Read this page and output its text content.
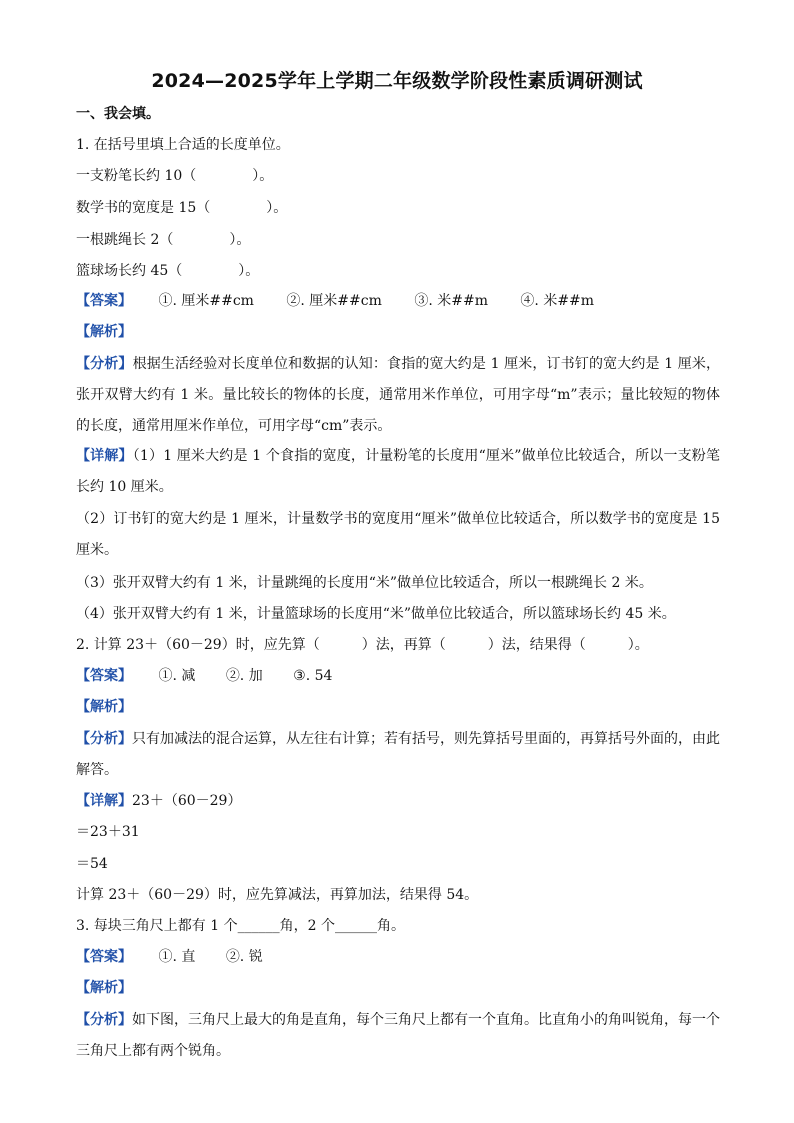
2024—2025学年上学期二年级数学阶段性素质调研测试
一、我会填。
1. 在括号里填上合适的长度单位。
一支粉笔长约 10（　　　　）。
数学书的宽度是 15（　　　　）。
一根跳绳长 2（　　　　）。
篮球场长约 45（　　　　）。
【答案】 ①. 厘米##cm ②. 厘米##cm ③. 米##m ④. 米##m
【解析】
【分析】根据生活经验对长度单位和数据的认知：食指的宽大约是 1 厘米，订书钉的宽大约是 1 厘米，张开双臂大约有 1 米。量比较长的物体的长度，通常用米作单位，可用字母“m”表示；量比较短的物体的长度，通常用厘米作单位，可用字母“cm”表示。
【详解】（1）1 厘米大约是 1 个食指的宽度，计量粉笔的长度用“厘米”做单位比较适合，所以一支粉笔长约 10 厘米。
（2）订书钉的宽大约是 1 厘米，计量数学书的宽度用“厘米”做单位比较适合，所以数学书的宽度是 15 厘米。
（3）张开双臂大约有 1 米，计量跳绳的长度用“米”做单位比较适合，所以一根跳绳长 2 米。
（4）张开双臂大约有 1 米，计量篮球场的长度用“米”做单位比较适合，所以篮球场长约 45 米。
2. 计算 23＋（60－29）时，应先算（　　　）法，再算（　　　）法，结果得（　　　）。
【答案】 ①. 减 ②. 加 ③. 54
【解析】
【分析】只有加减法的混合运算，从左往右计算；若有括号，则先算括号里面的，再算括号外面的，由此解答。
【详解】23＋（60－29）
＝23＋31
＝54
计算 23＋（60－29）时，应先算减法，再算加法，结果得 54。
3. 每块三角尺上都有 1 个______角，2 个______角。
【答案】 ①. 直 ②. 锐
【解析】
【分析】如下图，三角尺上最大的角是直角，每个三角尺上都有一个直角。比直角小的角叫锐角，每一个三角尺上都有两个锐角。
